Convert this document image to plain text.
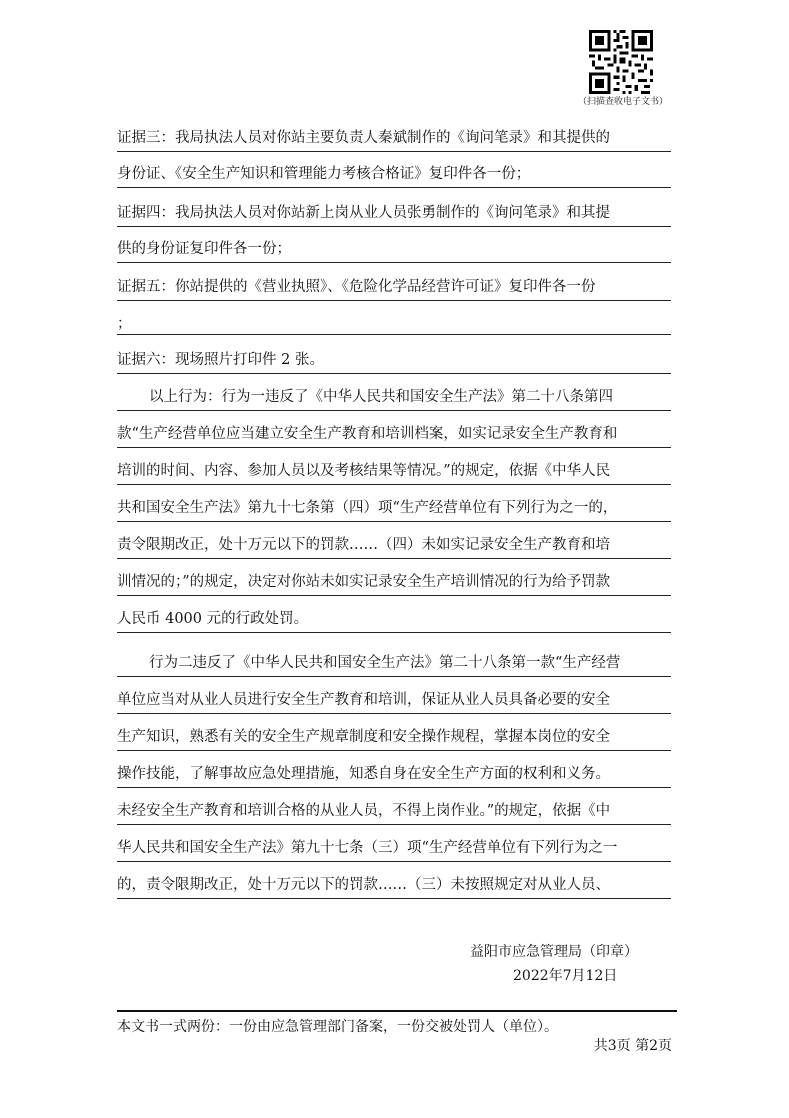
（扫描查收电子文书）
证据三：我局执法人员对你站主要负责人秦斌制作的《询问笔录》和其提供的
身份证、《安全生产知识和管理能力考核合格证》复印件各一份；
证据四：我局执法人员对你站新上岗从业人员张勇制作的《询问笔录》和其提
供的身份证复印件各一份；
证据五：你站提供的《营业执照》、《危险化学品经营许可证》复印件各一份
；
证据六：现场照片打印件 2 张。
以上行为：行为一违反了《中华人民共和国安全生产法》第二十八条第四
款“生产经营单位应当建立安全生产教育和培训档案，如实记录安全生产教育和
培训的时间、内容、参加人员以及考核结果等情况。”的规定，依据《中华人民
共和国安全生产法》第九十七条第（四）项“生产经营单位有下列行为之一的，
责令限期改正，处十万元以下的罚款……（四）未如实记录安全生产教育和培
训情况的；”的规定，决定对你站未如实记录安全生产培训情况的行为给予罚款
人民币 4000 元的行政处罚。
行为二违反了《中华人民共和国安全生产法》第二十八条第一款“生产经营
单位应当对从业人员进行安全生产教育和培训，保证从业人员具备必要的安全
生产知识，熟悉有关的安全生产规章制度和安全操作规程，掌握本岗位的安全
操作技能，了解事故应急处理措施，知悉自身在安全生产方面的权利和义务。
未经安全生产教育和培训合格的从业人员，不得上岗作业。”的规定，依据《中
华人民共和国安全生产法》第九十七条（三）项“生产经营单位有下列行为之一
的，责令限期改正，处十万元以下的罚款……（三）未按照规定对从业人员、
益阳市应急管理局（印章）
2022年7月12日
本文书一式两份：一份由应急管理部门备案，一份交被处罚人（单位）。
共3页 第2页
